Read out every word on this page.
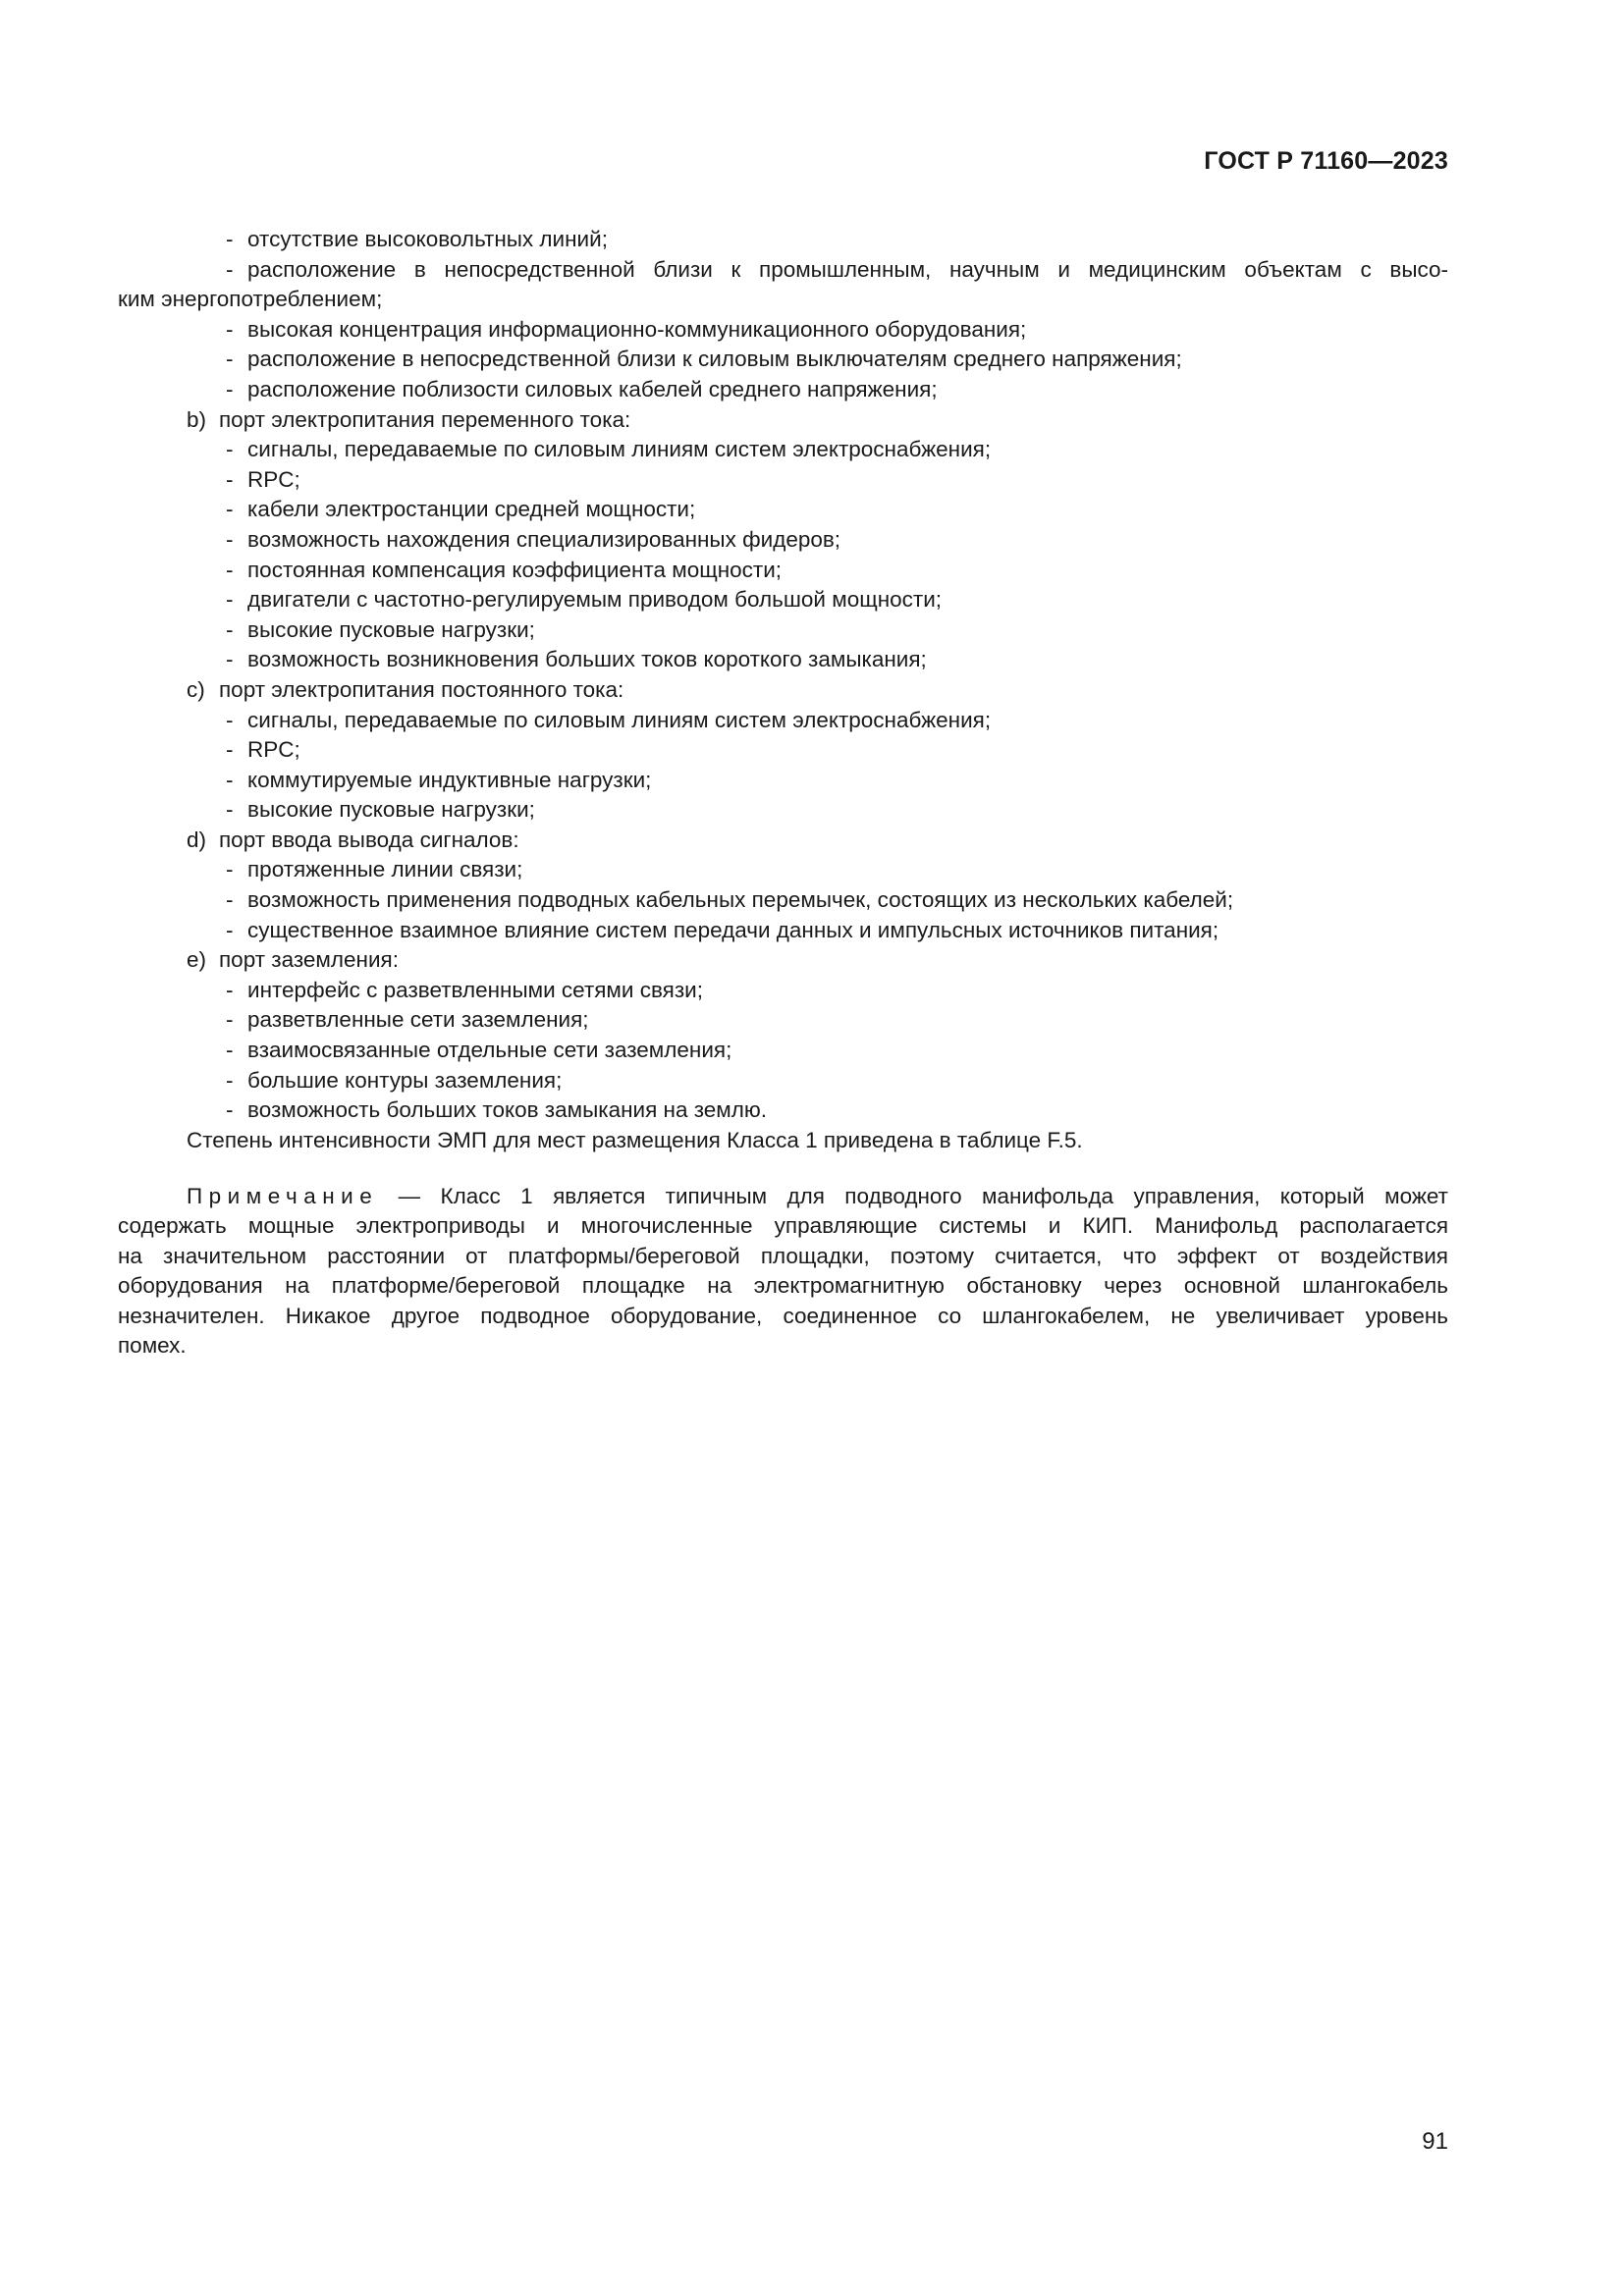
ГОСТ Р 71160—2023
- отсутствие высоковольтных линий;
- расположение в непосредственной близи к промышленным, научным и медицинским объектам с высо-
ким энергопотреблением;
- высокая концентрация информационно-коммуникационного оборудования;
- расположение в непосредственной близи к силовым выключателям среднего напряжения;
- расположение поблизости силовых кабелей среднего напряжения;
b) порт электропитания переменного тока:
- сигналы, передаваемые по силовым линиям систем электроснабжения;
- RPC;
- кабели электростанции средней мощности;
- возможность нахождения специализированных фидеров;
- постоянная компенсация коэффициента мощности;
- двигатели с частотно-регулируемым приводом большой мощности;
- высокие пусковые нагрузки;
- возможность возникновения больших токов короткого замыкания;
c) порт электропитания постоянного тока:
- сигналы, передаваемые по силовым линиям систем электроснабжения;
- RPC;
- коммутируемые индуктивные нагрузки;
- высокие пусковые нагрузки;
d) порт ввода вывода сигналов:
- протяженные линии связи;
- возможность применения подводных кабельных перемычек, состоящих из нескольких кабелей;
- существенное взаимное влияние систем передачи данных и импульсных источников питания;
e) порт заземления:
- интерфейс с разветвленными сетями связи;
- разветвленные сети заземления;
- взаимосвязанные отдельные сети заземления;
- большие контуры заземления;
- возможность больших токов замыкания на землю.
Степень интенсивности ЭМП для мест размещения Класса 1 приведена в таблице F.5.
Примечание — Класс 1 является типичным для подводного манифольда управления, который может
содержать мощные электроприводы и многочисленные управляющие системы и КИП. Манифольд располагается
на значительном расстоянии от платформы/береговой площадки, поэтому считается, что эффект от воздействия
оборудования на платформе/береговой площадке на электромагнитную обстановку через основной шлангокабель
незначителен. Никакое другое подводное оборудование, соединенное со шлангокабелем, не увеличивает уровень
помех.
91
